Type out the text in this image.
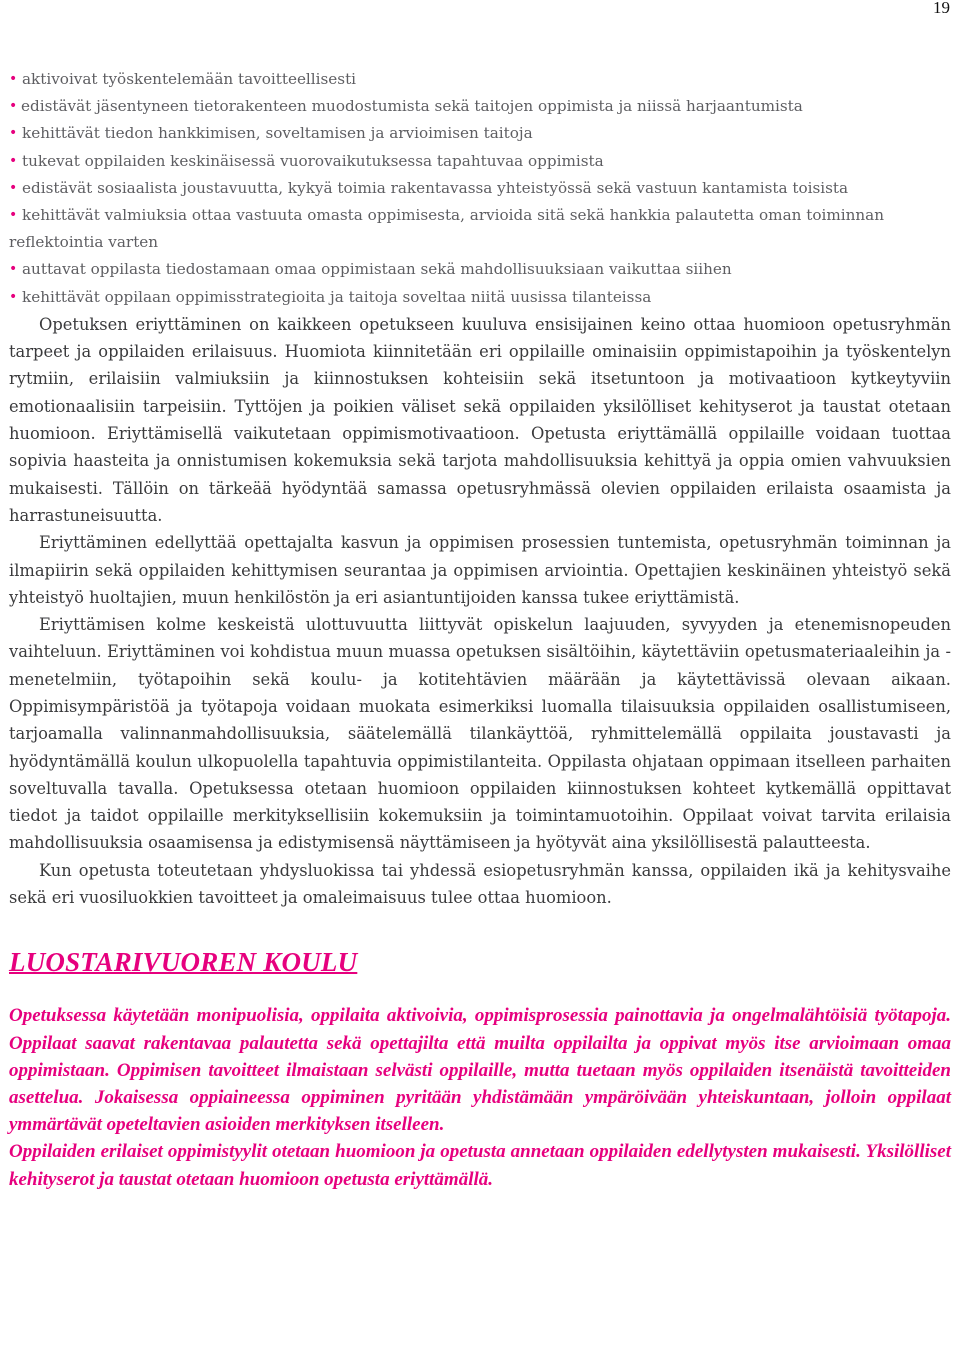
19
• aktivoivat työskentelemään tavoitteellisesti
• edistävät jäsentyneen tietorakenteen muodostumista sekä taitojen oppimista ja niissä harjaantumista
• kehittävät tiedon hankkimisen, soveltamisen ja arvioimisen taitoja
• tukevat oppilaiden keskinäisessä vuorovaikutuksessa tapahtuvaa oppimista
• edistävät sosiaalista joustavuutta, kykyä toimia rakentavassa yhteistyössä sekä vastuun kantamista toisista
• kehittävät valmiuksia ottaa vastuuta omasta oppimisesta, arvioida sitä sekä hankkia palautetta oman toiminnan reflektointia varten
• auttavat oppilasta tiedostamaan omaa oppimistaan sekä mahdollisuuksiaan vaikuttaa siihen
• kehittävät oppilaan oppimisstrategioita ja taitoja soveltaa niitä uusissa tilanteissa

Opetuksen eriyttäminen on kaikkeen opetukseen kuuluva ensisijainen keino ottaa huomioon opetusryhmän tarpeet ja oppilaiden erilaisuus. Huomiota kiinnitetään eri oppilaille ominaisiin oppimistapoihin ja työskentelyn rytmiin, erilaisiin valmiuksiin ja kiinnostuksen kohteisiin sekä itsetuntoon ja motivaatioon kytkeytyviin emotionaalisiin tarpeisiin. Tyttöjen ja poikien väliset sekä oppilaiden yksilölliset kehityserot ja taustat otetaan huomioon. Eriyttämisellä vaikutetaan oppimismotivaatioon. Opetusta eriyttämällä oppilaille voidaan tuottaa sopivia haasteita ja onnistumisen kokemuksia sekä tarjota mahdollisuuksia kehittyä ja oppia omien vahvuuksien mukaisesti. Tällöin on tärkeää hyödyntää samassa opetusryhmässä olevien oppilaiden erilaista osaamista ja harrastuneisuutta.

Eriyttäminen edellyttää opettajalta kasvun ja oppimisen prosessien tuntemista, opetusryhmän toiminnan ja ilmapiirin sekä oppilaiden kehittymisen seurantaa ja oppimisen arviointia. Opettajien keskinäinen yhteistyö sekä yhteistyö huoltajien, muun henkilöstön ja eri asiantuntijoiden kanssa tukee eriyttämistä.

Eriyttämisen kolme keskeistä ulottuvuutta liittyvät opiskelun laajuuden, syvyyden ja etenemisnopeuden vaihteluun. Eriyttäminen voi kohdistua muun muassa opetuksen sisältöihin, käytettäviin opetusmateriaaleihin ja -menetelmiin, työtapoihin sekä koulu- ja kotitehtävien määrään ja käytettävissä olevaan aikaan. Oppimisympäristöä ja työtapoja voidaan muokata esimerkiksi luomalla tilaisuuksia oppilaiden osallistumiseen, tarjoamalla valinnanmahdollisuuksia, säätelemällä tilankäyttöä, ryhmittelemällä oppilaita joustavasti ja hyödyntämällä koulun ulkopuolella tapahtuvia oppimistilanteita. Oppilasta ohjataan oppimaan itselleen parhaiten soveltuvalla tavalla. Opetuksessa otetaan huomioon oppilaiden kiinnostuksen kohteet kytkemällä oppittavat tiedot ja taidot oppilaille merkityksellisiin kokemuksiin ja toimintamuotoihin. Oppilaat voivat tarvita erilaisia mahdollisuuksia osaamisensa ja edistymisensä näyttämiseen ja hyötyvät aina yksilöllisestä palautteesta.

Kun opetusta toteutetaan yhdysluokissa tai yhdessä esiopetusryhmän kanssa, oppilaiden ikä ja kehitysvaihe sekä eri vuosiluokkien tavoitteet ja omaleimaisuus tulee ottaa huomioon.

LUOSTARIVUOREN KOULU

Opetuksessa käytetään monipuolisia, oppilaita aktivoivia, oppimisprosessia painottavia ja ongelmalähtöisiä työtapoja. Oppilaat saavat rakentavaa palautetta sekä opettajilta että muilta oppilailta ja oppivat myös itse arvioimaan omaa oppimistaan. Oppimisen tavoitteet ilmaistaan selvästi oppilaille, mutta tuetaan myös oppilaiden itsenäistä tavoitteiden asettelua. Jokaisessa oppiaineessa oppiminen pyritään yhdistämään ympäröivään yhteiskuntaan, jolloin oppilaat ymmärtävät opeteltavien asioiden merkityksen itselleen.

Oppilaiden erilaiset oppimistyylit otetaan huomioon ja opetusta annetaan oppilaiden edellytysten mukaisesti. Yksilölliset kehityserot ja taustat otetaan huomioon opetusta eriyttämällä.
